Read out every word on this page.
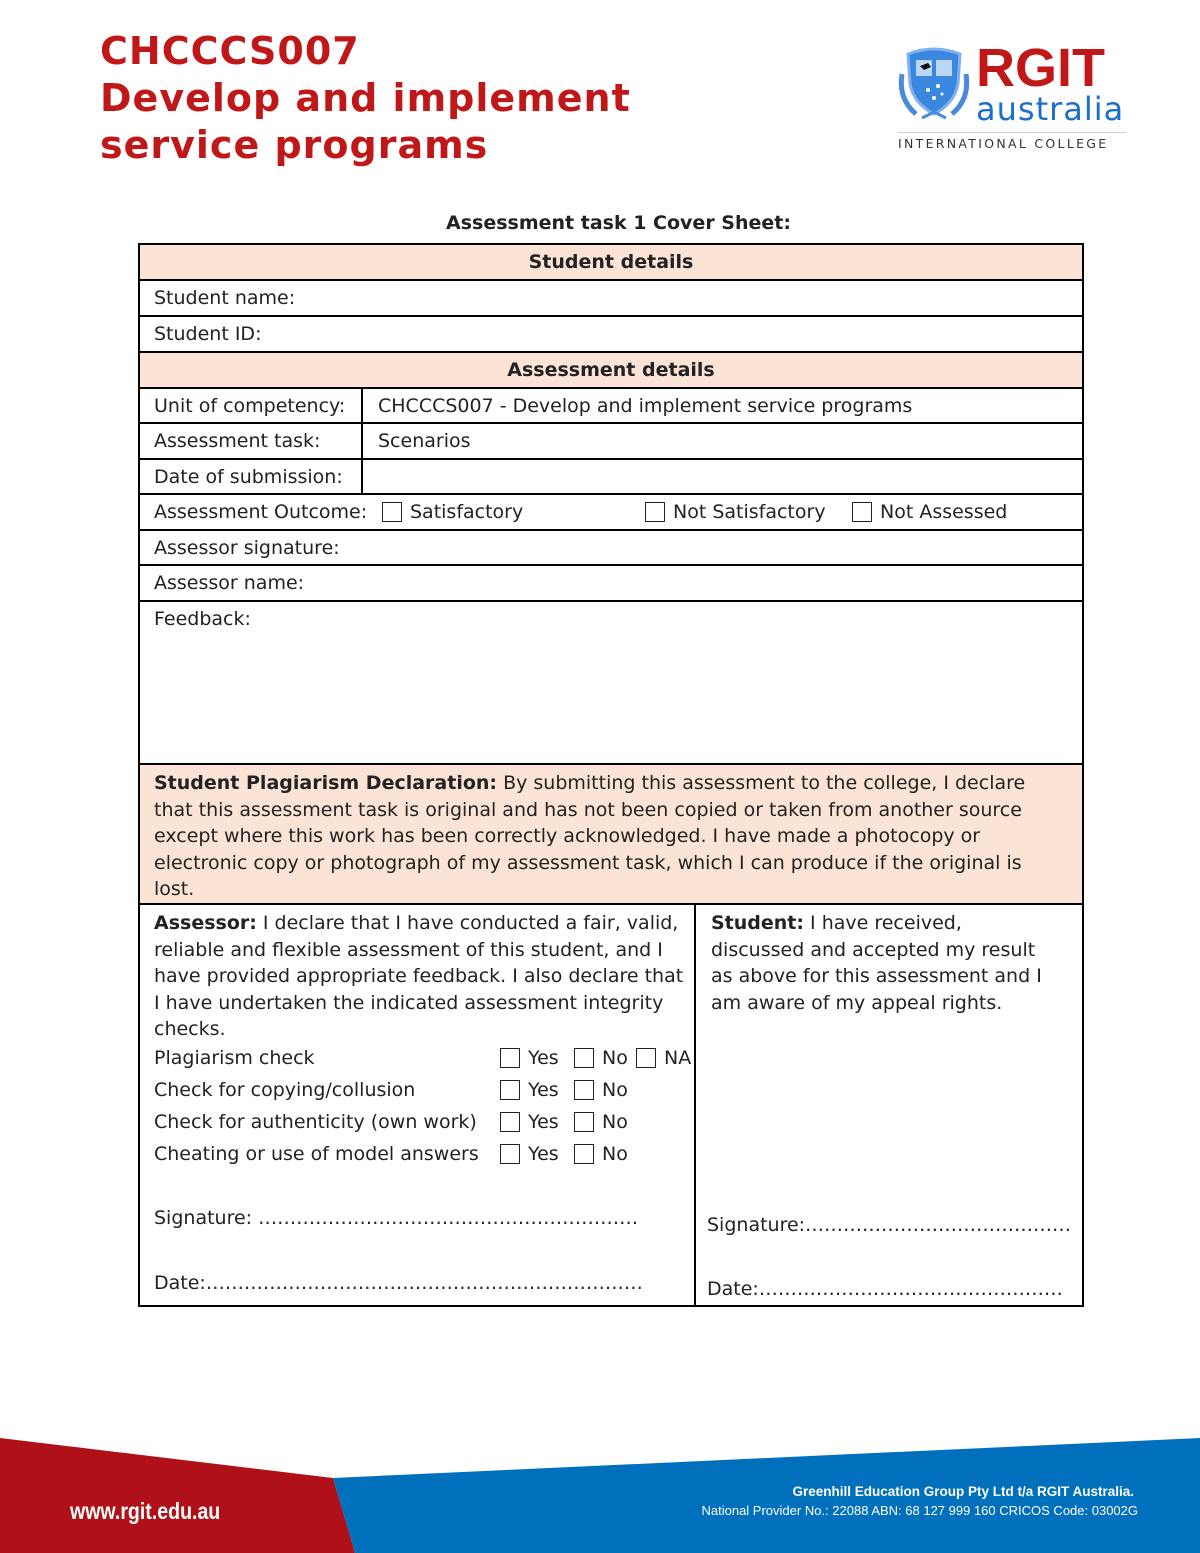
CHCCCS007
Develop and implement
service programs
RGIT
australia
INTERNATIONAL COLLEGE
Assessment task 1 Cover Sheet:
Student details
Student name:
Student ID:
Assessment details
Unit of competency: CHCCCS007 - Develop and implement service programs
Assessment task:	Scenarios
Date of submission:
Assessment Outcome: Satisfactory	Not Satisfactory	Not Assessed
Assessor signature:
Assessor name:
Feedback:
Student Plagiarism Declaration: By submitting this assessment to the college, I declare that this assessment task is original and has not been copied or taken from another source except where this work has been correctly acknowledged. I have made a photocopy or electronic copy or photograph of my assessment task, which I can produce if the original is lost.
Assessor: I declare that I have conducted a fair, valid, reliable and flexible assessment of this student, and I have provided appropriate feedback. I also declare that I have undertaken the indicated assessment integrity checks.
Plagiarism check	Yes No NA
Check for copying/collusion	Yes No
Check for authenticity (own work)	Yes No
Cheating or use of model answers	Yes No
Signature: ……………………………………………………
Date:……………………………………………………………
Student: I have received, discussed and accepted my result as above for this assessment and I am aware of my appeal rights.
Signature:……………………………………
Date:…………………………………………
www.rgit.edu.au
Greenhill Education Group Pty Ltd t/a RGIT Australia.
National Provider No.: 22088 ABN: 68 127 999 160 CRICOS Code: 03002G
